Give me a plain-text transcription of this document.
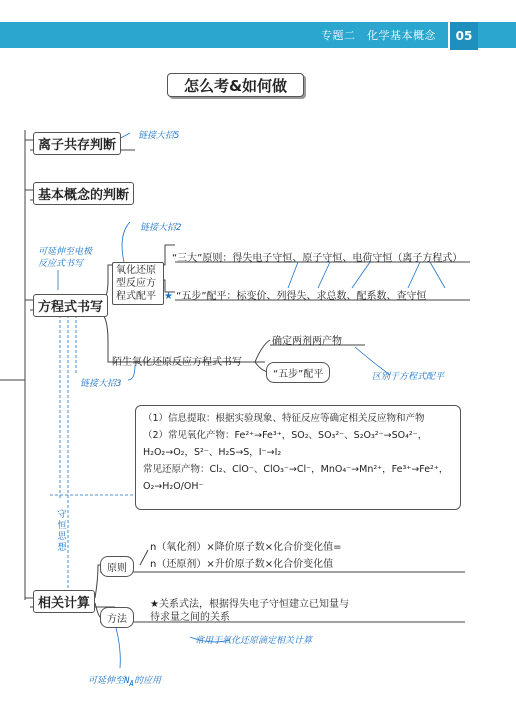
专题二　化学基本概念	05
怎么考&如何做
离子共存判断
基本概念的判断
方程式书写
相关计算
链接大招5
链接大招2
链接大招3
可延伸至电极
反应式书写
区别于方程式配平
守恒思想
常用于氧化还原滴定相关计算
可延伸至$N_A$的应用
氧化还原
型反应方
程式配平
“三大”原则：得失电子守恒、原子守恒、电荷守恒（离子方程式）
★ “五步”配平：标变价、列得失、求总数、配系数、查守恒
陌生氧化还原反应方程式书写
确定两剂两产物
“五步”配平
（1）信息提取：根据实验现象、特征反应等确定相关反应物和产物
（2）常见氧化产物：Fe²⁺→Fe³⁺，SO₂、SO₃²⁻、S₂O₃²⁻→SO₄²⁻，
H₂O₂→O₂，S²⁻、H₂S→S，I⁻→I₂
常见还原产物：Cl₂、ClO⁻、ClO₃⁻→Cl⁻，MnO₄⁻→Mn²⁺，Fe³⁺→Fe²⁺，
O₂→H₂O/OH⁻
n（氧化剂）×降价原子数×化合价变化值=
n（还原剂）×升价原子数×化合价变化值
原则
方法
★关系式法，根据得失电子守恒建立已知量与
待求量之间的关系
